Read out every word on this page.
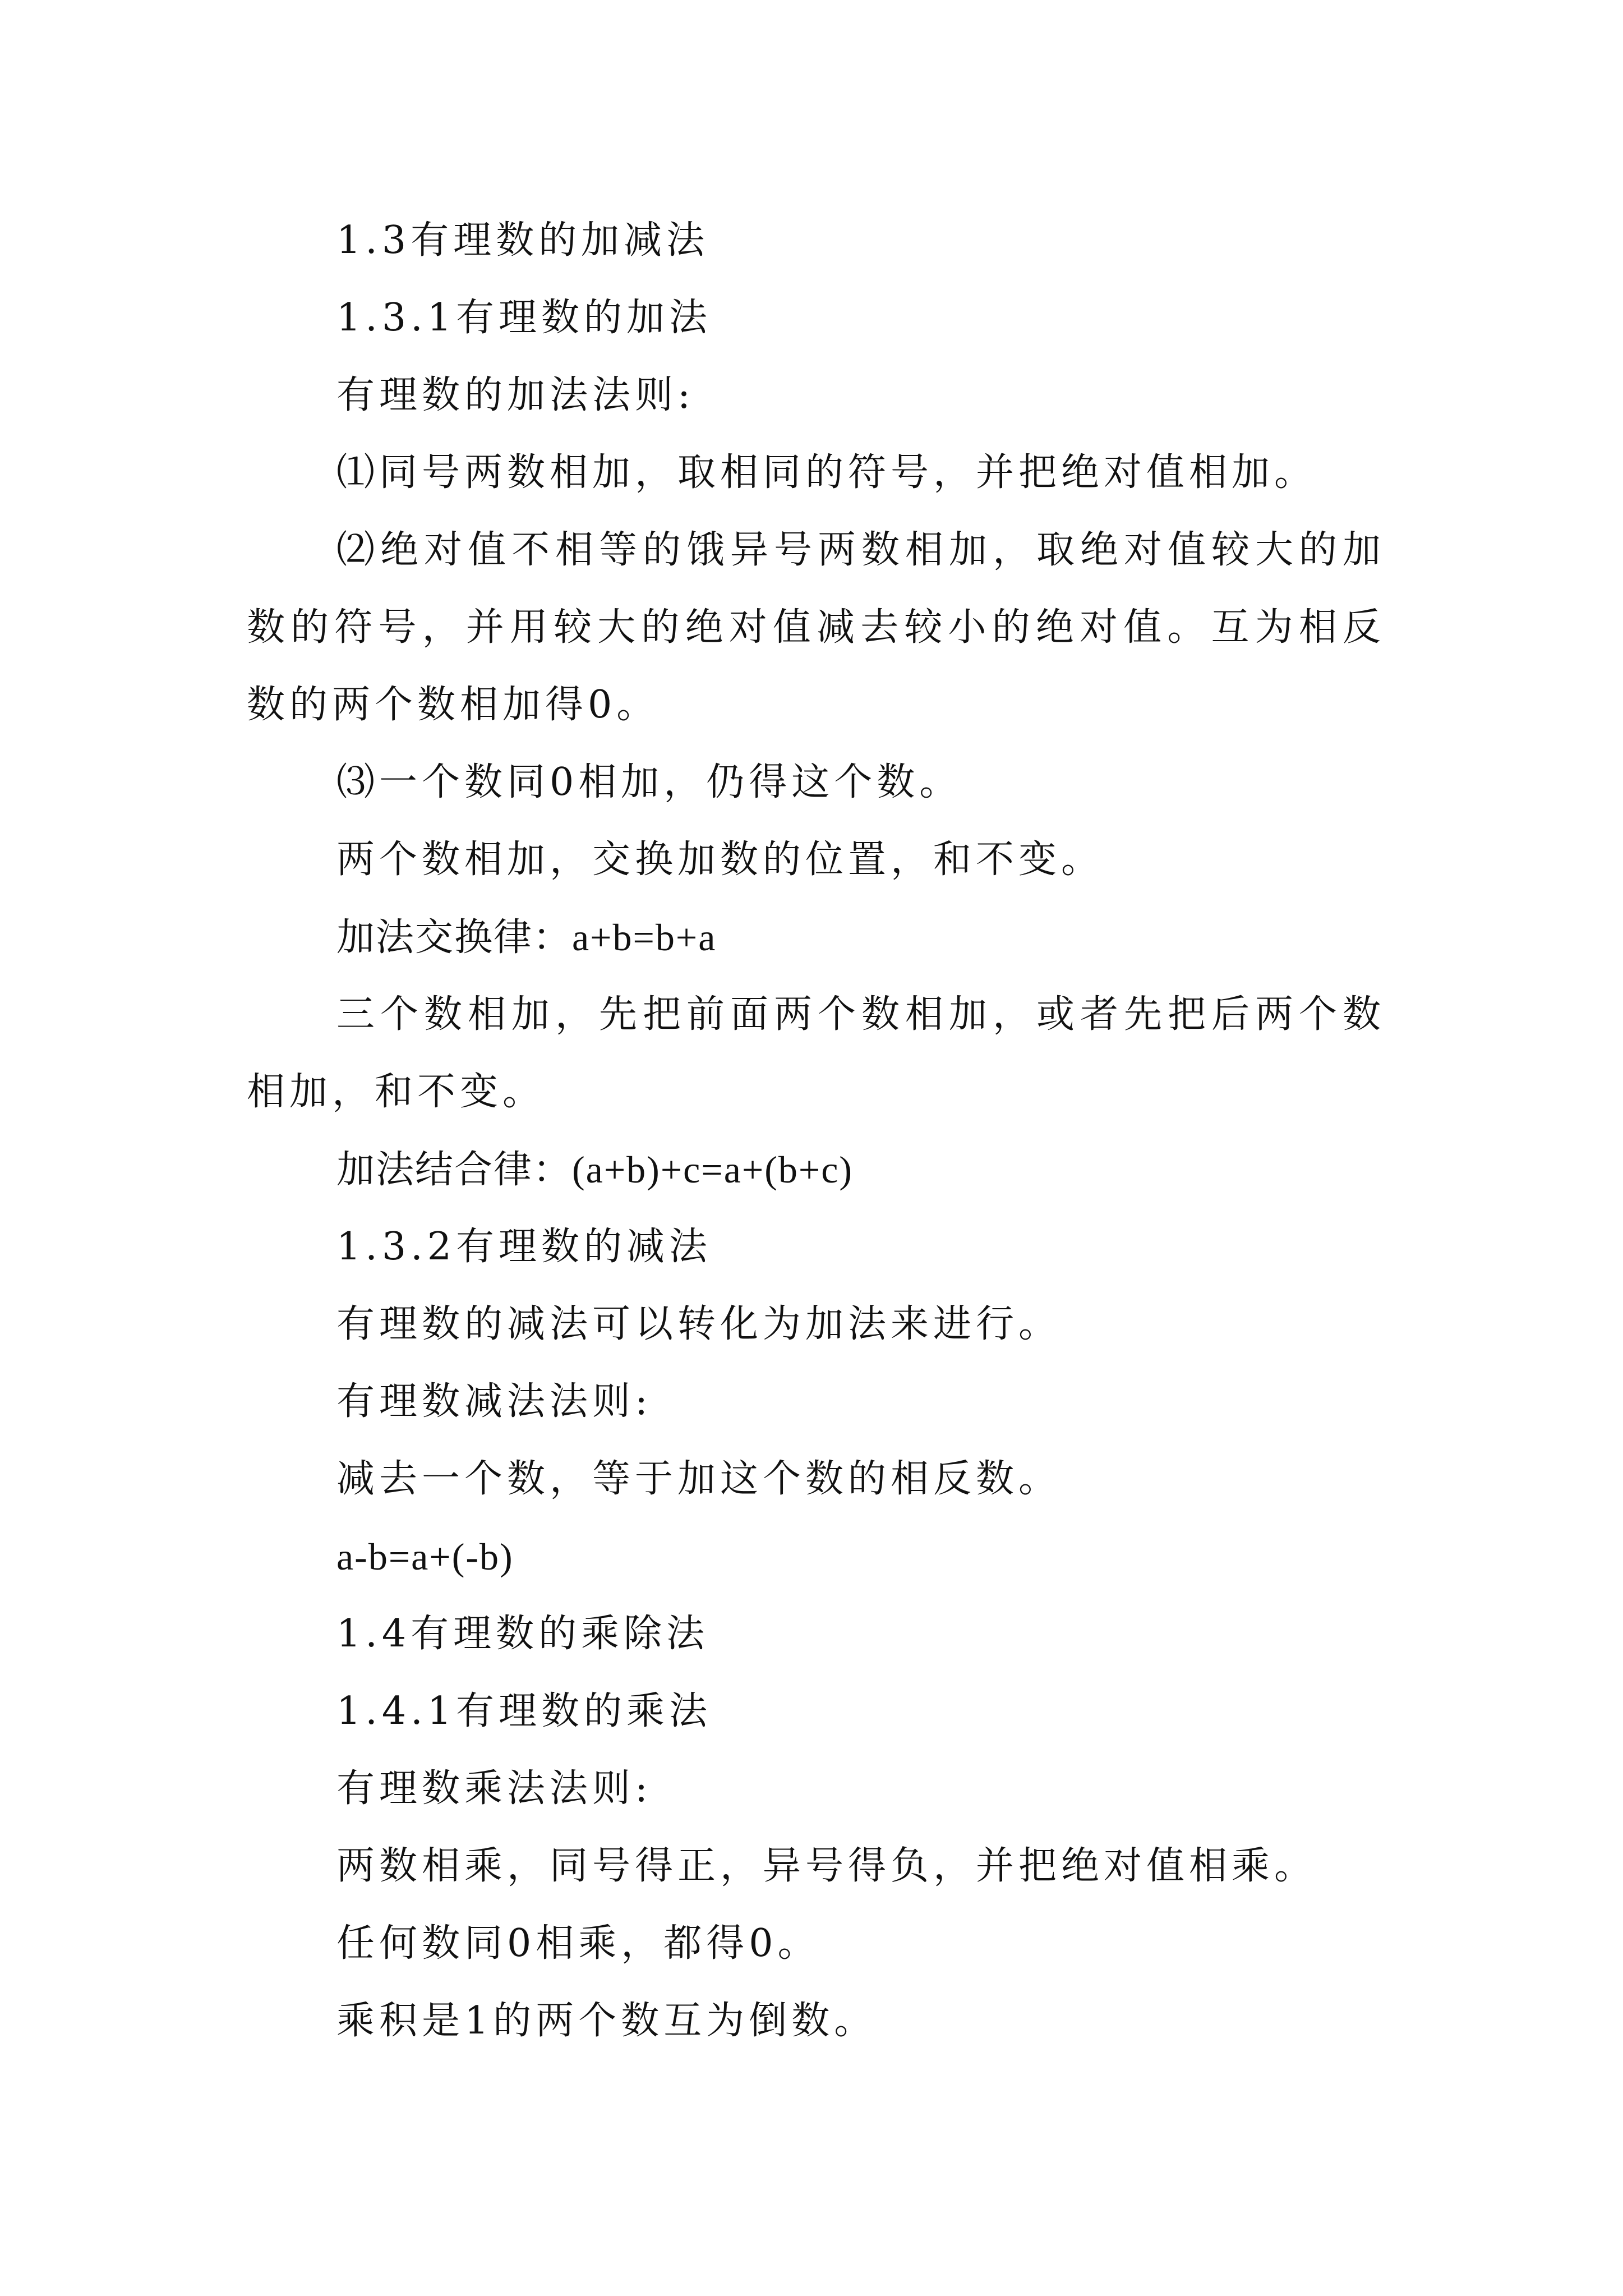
1.3有理数的加减法

1.3.1有理数的加法

有理数的加法法则:

⑴同号两数相加，取相同的符号，并把绝对值相加。

⑵绝对值不相等的饿异号两数相加，取绝对值较大的加数的符号，并用较大的绝对值减去较小的绝对值。互为相反数的两个数相加得0。

⑶一个数同0相加，仍得这个数。

两个数相加，交换加数的位置，和不变。

加法交换律：a+b=b+a

三个数相加，先把前面两个数相加，或者先把后两个数相加，和不变。

加法结合律：(a+b)+c=a+(b+c)

1.3.2有理数的减法

有理数的减法可以转化为加法来进行。

有理数减法法则:

减去一个数，等于加这个数的相反数。

a-b=a+(-b)

1.4有理数的乘除法

1.4.1有理数的乘法

有理数乘法法则:

两数相乘，同号得正，异号得负，并把绝对值相乘。

任何数同0相乘，都得0。

乘积是1的两个数互为倒数。
